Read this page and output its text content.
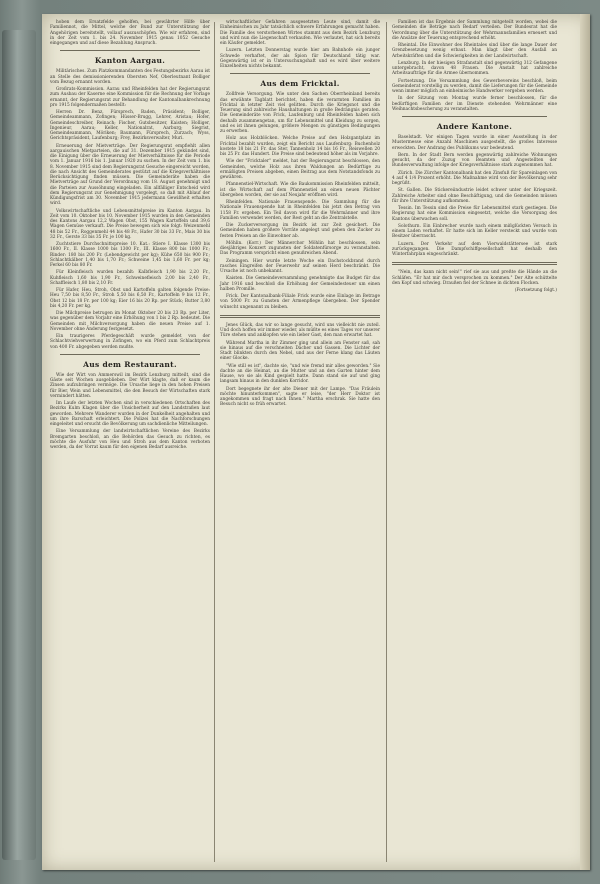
hoben dem Ersatzfelde geholfen, bei gewährter Hilfe über Familiennot, die Mittel, welche der Bund zur Unterstützung der Angehörigen bereitstellt, vollauf auszuschöpfen. Wie wir erfahren, sind in der Zeit vom 1. bis 24. November 1915 genau 1052 Gesuche eingegangen und auf diese Bezahlung Anspruch.

Kanton Aargau.

Militärisches. Zum Platzkommandanten des Festungsbezirks Aarau ist an Stelle des demissionierenden Obersten Nef, Oberleutnant Bolliger vom Bezug ernannt worden.

Großrats-Kommission. Aarau und Rheinfelden hat der Regierungsrat zum Ausbau der Kaserne eine Kommission für die Rechnung der Vorlage ernannt, der Regierungsrat zur Behandlung der Kantonalbankrechnung pro 1915 folgendermaßen bestellt:

Herren Dr. Benz, Fürsprech, Baden, Präsident; Bolliger, Gemeindeammann, Zofingen; Hüsser-Brugg, Lehrer, Aristau; Hofer, Gemeindeschreiber, Reinach; Fischer, Gutsbesitzer, Kaisten; Holliger, Ingenieur, Aarau; Keller, Nationalrat, Aarburg; Siegrist, Gemeindeammann, Möriken; Baumann, Fürsprech, Zurzach; Wyss, Gerichtspräsident, Laufenburg; Frey, Bezirksverwalter, Muri.

Erneuerung der Mietverträge. Der Regierungsrat empfiehlt allen aargauischen Mietparteien, die auf 31. Dezember 1915 gekündet sind, die Einigung über die Erneuerung der Mietverhältnisse für die Periode vom 1. Januar 1916 bis 1. Januar 1920 zu suchen. In der Zeit vom 1. bis 8. November 1915 sind dem Regierungsrat Gesuche eingereicht worden, die nach Ansicht des Gemeinderates gestützt auf die Kriegsverhältnisse Berücksichtigung finden müssen. Die Gemeinderäte haben die Mietverträge auf Grund der Verordnung vom 18. August genehmigt und die Parteien zur Aussöhnung eingeladen. Ein allfälliger Entscheid wird dem Regierungsrat zur Genehmigung vorgelegt, so daß mit Ablauf der Kündigungsfrist am 30. November 1915 jedermann Gewißheit erhalten wird.

Volkswirtschaftliche und Lebensmittelpreise im Kanton Aargau. In Zeit vom 10. Oktober bis 10. November 1915 wurden in den Gemeinden des Kantons Aargau 12,2 Wagen Obst, 155 Wagen Kartoffeln und 39,6 Wagen Gemüse verkauft. Die Preise bewegen sich wie folgt: Weizenmehl 48 bis 52 Fr., Roggenmehl 44 bis 48 Fr., Hafer 30 bis 33 Fr., Mais 30 bis 32 Fr., Gerste 33 bis 35 Fr. je 100 kg.

Zuchtstiere Durchschnittspreise 10. Kat.: Stiere I. Klasse 1300 bis 1600 Fr., II. Klasse 1000 bis 1300 Fr., III. Klasse 800 bis 1000 Fr.; Rinder: 180 bis 200 Fr. (Lebendgewicht per kg); Kühe 650 bis 900 Fr.; Schlachtkälber 1,40 bis 1,70 Fr.; Schweine 1,45 bis 1,60 Fr. per kg; Ferkel 60 bis 80 Fr.

Für Kleinfleisch wurden bezahlt: Kalbfleisch 1,90 bis 2,20 Fr., Kuhfleisch 1,60 bis 1,90 Fr., Schweinefleisch 2,00 bis 2,40 Fr., Schaffleisch 1,80 bis 2,10 Fr.

Für Hafer, Heu, Stroh, Obst und Kartoffeln galten folgende Preise: Heu 7,50 bis 8,50 Fr., Stroh 5,50 bis 6,50 Fr., Kartoffeln 9 bis 12 Fr., Obst 12 bis 18 Fr. per 100 kg; Eier 16 bis 20 Rp. per Stück; Butter 3,80 bis 4,20 Fr. per kg.

Die Milchpreise betrugen im Monat Oktober 20 bis 23 Rp. per Liter, was gegenüber dem Vorjahr eine Erhöhung von 1 bis 2 Rp. bedeutet. Die Gemeinden mit Milchversorgung haben die neuen Preise auf 1. November ohne Änderung festgesetzt.

Ein traurigeres Pferdegeschäft wurde gemeldet von der Schlachtviehverwertung in Zofingen, wo ein Pferd zum Schlachtpreis von 400 Fr. abgegeben werden mußte.

Aus dem Restaurant.

Wie der Wirt von Ammerswil im Bezirk Lenzburg mitteilt, sind die Gäste seit Wochen ausgeblieben. Der Wirt klagte, daß er kaum die Zinsen aufzubringen vermöge. Die Ursache liege in den hohen Preisen für Bier, Wein und Lebensmittel, die den Besuch der Wirtschaften stark vermindert hätten.

Im Laufe der letzten Wochen sind in verschiedenen Ortschaften des Bezirks Kulm Klagen über die Unsicherheit auf den Landstraßen laut geworden. Mehrere Wanderer wurden in der Dunkelheit angehalten und um ihre Barschaft erleichtert. Die Polizei hat die Nachforschungen eingeleitet und ersucht die Bevölkerung um sachdienliche Mitteilungen.

Eine Versammlung der landwirtschaftlichen Vereine des Bezirks Bremgarten beschloß, an die Behörden das Gesuch zu richten, es möchte die Ausfuhr von Heu und Stroh aus dem Kanton verboten werden, da der Vorrat kaum für den eigenen Bedarf ausreiche.

wirtschaftlicher Gefahren ausgesetzten Leute sind, damit die Einheimischen zu Jahr tatsächlich schwere Erfahrungen gemacht haben. Die Familie des verstorbenen Wirtes stammt aus dem Bezirk Lenzburg und wird nun die Liegenschaft verkaufen. Wie verlautet, hat sich bereits ein Käufer gemeldet.

Luzern. Letzten Donnerstag wurde hier am Bahnhofe ein junger Schwede verhaftet, der als Spion für Deutschland tätig war. Gegenwärtig ist er in Untersuchungshaft und es wird über weitere Einzelheiten nichts bekannt.

Aus dem Fricktal.

Zollfreie Versorgung. Wie unter den Sachen Oberrheinland bereits das erwähnte Tagblatt berichtet, haben die verarmten Familien im Fricktal in letzter Zeit viel gelitten. Durch die Kriegsnot und die Teuerung sind zahlreiche Haushaltungen in große Bedrängnis geraten. Die Gemeinderäte von Frick, Laufenburg und Rheinfelden haben sich deshalb zusammengetan, um für Lebensmittel und Kleidung zu sorgen, und es ist ihnen gelungen, größere Mengen zu günstigen Bedingungen zu erwerben.

Holz aus Holzblöcken. Welche Preise auf den Holzgantplatz im Fricktal bezahlt wurden, zeigt ein Bericht aus Laufenburg: Buchenholz kostete 18 bis 21 Fr. das Ster, Tannenholz 14 bis 16 Fr., Reiswellen 20 bis 25 Fr. das Hundert. Die Preise sind bedeutend höher als im Vorjahre.

Wie der "Fricktaler" meldet, hat der Regierungsrat beschlossen, den Gemeinden, welche Holz aus ihren Waldungen an Bedürftige zu ermäßigten Preisen abgeben, einen Beitrag aus dem Notstandsfonds zu gewähren.

Pfannenstiel-Wirtschaft. Wie die Baukommission Rheinfelden mitteilt, ist die Wirtschaft auf dem Pfannenstiel an einen neuen Pächter übergeben worden, der sie auf Neujahr eröffnen wird.

Rheinfelden. Nationale Frauenspende. Die Sammlung für die Nationale Frauenspende hat in Rheinfelden bis jetzt den Betrag von 1158 Fr. ergeben. Ein Teil davon wird für die Wehrmänner und ihre Familien verwendet werden, der Rest geht an die Zentralstelle.

Die Zuckerversorgung im Bezirk ist zur Zeit gesichert. Die Gemeinden haben größere Vorräte angelegt und geben den Zucker zu festen Preisen an die Einwohner ab.

Möhlin. (Korr.) Der Männerchor Möhlin hat beschlossen, sein diesjähriges Konzert zugunsten der Soldatenfürsorge zu veranstalten. Das Programm verspricht einen genußreichen Abend.

Zeiningen. Hier wurde letzte Woche ein Dachstockbrand durch rasches Eingreifen der Feuerwehr auf seinen Herd beschränkt. Die Ursache ist noch unbekannt.

Kaisten. Die Gemeindeversammlung genehmigte das Budget für das Jahr 1916 und beschloß die Erhöhung der Gemeindesteuer um einen halben Promille.

Frick. Der Kantonalbank-Filiale Frick wurde eine Einlage im Betrage von 5000 Fr. zu Gunsten der Armenpflege übergeben. Der Spender wünscht ungenannt zu bleiben.

Jenes Glück, das wir so lange gesucht, wird uns vielleicht nie zuteil. Und doch hoffen wir immer wieder, als müßte es eines Tages vor unserer Türe stehen und anklopfen wie ein lieber Gast, den man erwartet hat.

Während Martha in ihr Zimmer ging und allein am Fenster saß, sah sie hinaus auf die verschneiten Dächer und Gassen. Die Lichter der Stadt blinkten durch den Nebel, und aus der Ferne klang das Läuten einer Glocke.

"Wie still es ist", dachte sie, "und wie fremd mir alles geworden." Sie dachte an die Heimat, an die Mutter und an den Garten hinter dem Hause, wo sie als Kind gespielt hatte. Dann stand sie auf und ging langsam hinaus in den dunklen Korridor.

Dort begegnete ihr der alte Diener mit der Lampe. "Das Fräulein möchte hinunterkommen", sagte er leise, "der Herr Doktor ist angekommen und fragt nach Ihnen." Martha erschrak. Sie hatte den Besuch nicht so früh erwartet.

Familien ist das Ergebnis der Sammlung mitgeteilt worden, wobei die Gemeinden die Beträge nach Bedarf verteilen. Der Bundesrat hat die Verordnung über die Unterstützung der Wehrmannsfamilien erneuert und die Ansätze der Teuerung entsprechend erhöht.

Rheintal. Die Einwohner des Rheintales sind über die lange Dauer der Grenzbesetzung wenig erbaut. Man klagt über den Ausfall an Arbeitskräften und die Schwierigkeiten in der Landwirtschaft.

Lenzburg. In der hiesigen Strafanstalt sind gegenwärtig 312 Gefangene untergebracht, davon 48 Frauen. Die Anstalt hat zahlreiche Arbeitsaufträge für die Armee übernommen.

Fortsetzung. Die Versammlung des Gewerbevereins beschloß, beim Gemeinderat vorstellig zu werden, damit die Lieferungen für die Gemeinde wenn immer möglich an einheimische Handwerker vergeben werden.

In der Sitzung vom Montag wurde ferner beschlossen, für die bedürftigen Familien der im Dienste stehenden Wehrmänner eine Weihnachtsbescherung zu veranstalten.

Andere Kantone.

Baselstadt. Vor einigen Tagen wurde in einer Ausstellung in der Mustermesse eine Anzahl Maschinen ausgestellt, die großes Interesse erweckten. Der Andrang des Publikums war bedeutend.

Bern. In der Stadt Bern werden gegenwärtig zahlreiche Wohnungen gesucht, da der Zuzug von Beamten und Angestellten der Bundesverwaltung infolge der Kriegsverhältnisse stark zugenommen hat.

Zürich. Die Zürcher Kantonalbank hat den Zinsfuß für Spareinlagen von 4 auf 4 1/4 Prozent erhöht. Die Maßnahme wird von der Bevölkerung sehr begrüßt.

St. Gallen. Die Stickereiindustrie leidet schwer unter der Kriegszeit. Zahlreiche Arbeiter sind ohne Beschäftigung, und die Gemeinden müssen für ihre Unterstützung aufkommen.

Tessin. Im Tessin sind die Preise für Lebensmittel stark gestiegen. Die Regierung hat eine Kommission eingesetzt, welche die Versorgung des Kantons überwachen soll.

Solothurn. Ein Einbrecher wurde nach einem mißglückten Versuch in einem Laden verhaftet. Er hatte sich im Keller versteckt und wurde vom Besitzer überrascht.

Luzern. Der Verkehr auf dem Vierwaldstättersee ist stark zurückgegangen. Die Dampfschiffgesellschaft hat deshalb den Winterfahrplan eingeschränkt.

"Nein, das kann nicht sein!" rief sie aus und preßte die Hände an die Schläfen. "Er hat mir doch versprochen zu kommen." Der Alte schüttelte den Kopf und schwieg. Draußen fiel der Schnee in dichten Flocken.

(Fortsetzung folgt.)
